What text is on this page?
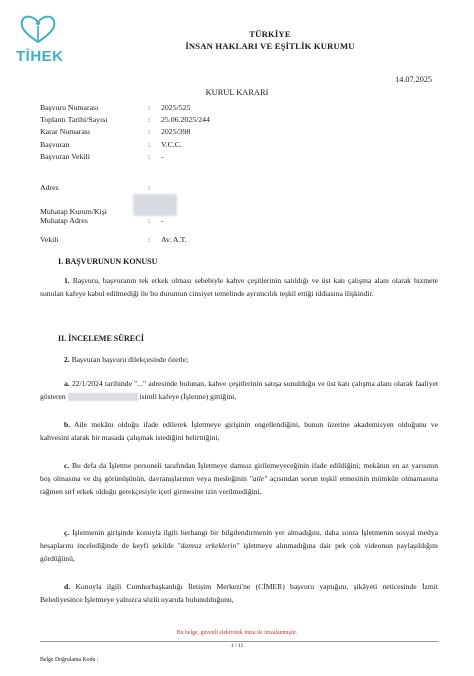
TİHEK
TÜRKİYE
İNSAN HAKLARI VE EŞİTLİK KURUMU
14.07.2025
KURUL KARARI
Başvuru Numarası	: 2025/525
Toplantı Tarihi/Sayısı	: 25.06.2025/244
Karar Numarası	: 2025/398
Başvuran	: V.C.C.
Başvuran Vekili	: -
Adres	:
Muhatap Kurum/Kişi
Muhatap Adres	: -
Vekili	: Av. A.T.
I. BAŞVURUNUN KONUSU
1. Başvuru, başvuranın tek erkek olması sebebiyle kahve çeşitlerinin satıldığı ve üst katı çalışma alanı olarak hizmete sunulan kafeye kabul edilmediği ile bu durumun cinsiyet temelinde ayrımcılık teşkil ettiği iddiasına ilişkindir.
II. İNCELEME SÜRECİ
2. Başvuran başvuru dilekçesinde özetle;
a. 22/1/2024 tarihinde "..." adresinde bulunan, kahve çeşitlerinin satışa sunulduğu ve üst katı çalışma alanı olarak faaliyet gösteren	isimli kafeye (İşletme) gittiğini,
b. Aile mekânı olduğu ifade edilerek İşletmeye girişinin engellendiğini, bunun üzerine akademisyen olduğunu ve kahvesini alarak bir masada çalışmak istediğini belirttiğini,
c. Bu defa da İşletme personeli tarafından İşletmeye damsız girilemeyeceğinin ifade edildiğini; mekânın en az yarısının boş olmasına ve dış görünüşünün, davranışlarının veya mesleğinin "aile" açısından sorun teşkil etmesinin mümkün olmamasına rağmen sırf erkek olduğu gerekçesiyle içeri girmesine izin verilmediğini,
ç. İşletmenin girişinde konuyla ilgili herhangi bir bilgilendirmenin yer almadığını, daha sonra İşletmenin sosyal medya hesaplarını incelediğinde de keyfi şekilde "damsız erkeklerin" işletmeye alınmadığına dair pek çok videonun paylaşıldığını gördüğünü,
d. Konuyla ilgili Cumhurbaşkanlığı İletişim Merkezi'ne (CİMER) başvuru yaptığını, şikâyeti neticesinde İzmit Belediyesince İşletmeye yalnızca sözlü uyarıda bulunulduğunu,
Bu belge, güvenli elektronik imza ile imzalanmıştır.
1 / 11
Belge Doğrulama Kodu :
